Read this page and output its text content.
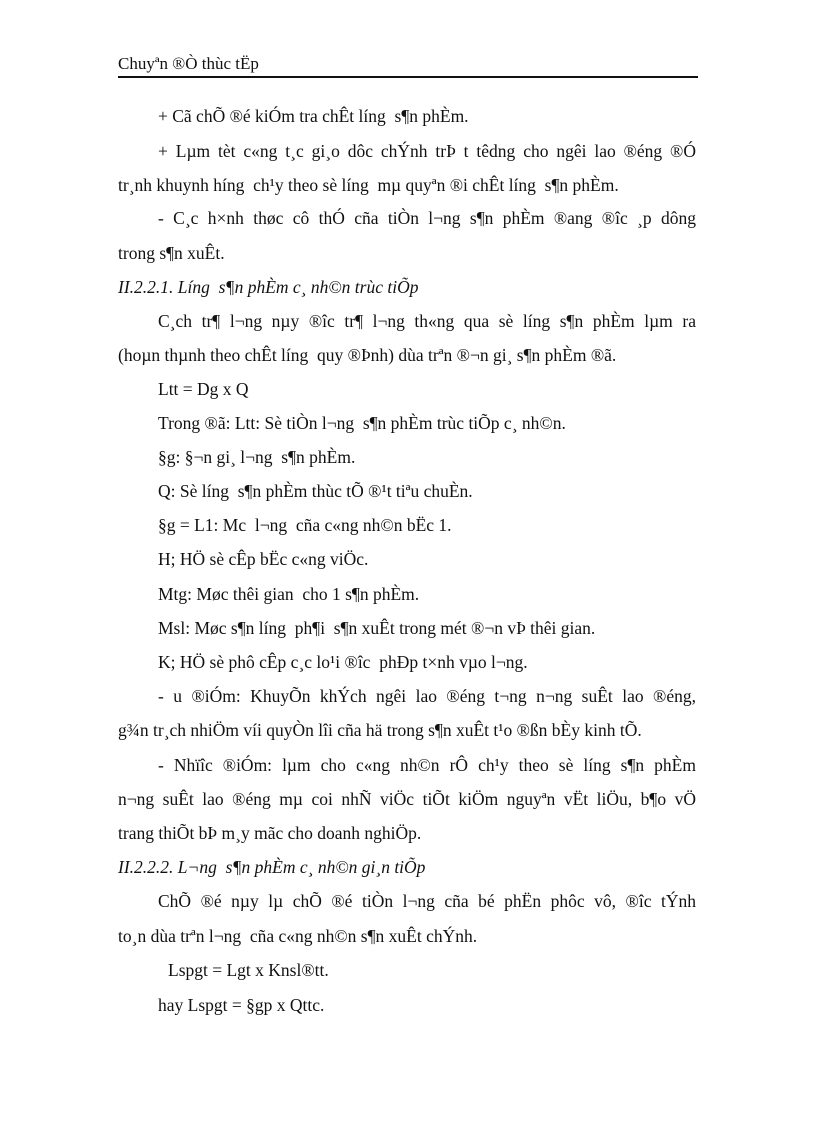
Chuyªn ®Ò thùc tËp
+ Cã chÕ ®é kiÓm tra chÊt líng  s¶n phÈm.
+ Lµm tèt c«ng t¸c gi¸o dôc chÝnh trÞ t têdng cho ngêi lao ®éng ®Ó
tr¸nh khuynh híng  ch¹y theo sè líng  mµ quyªn ®i chÊt líng  s¶n phÈm.
- C¸c h×nh thøc cô thÓ cña tiÒn l¬ng s¶n phÈm ®ang ®îc ¸p dông
trong s¶n xuÊt.
II.2.2.1. Líng  s¶n phÈm c¸ nh©n trùc tiÕp
C¸ch tr¶ l¬ng nµy ®îc tr¶ l¬ng th«ng qua sè líng s¶n phÈm lµm ra
(hoµn thµnh theo chÊt líng  quy ®Þnh) dùa trªn ®¬n gi¸ s¶n phÈm ®ã.
Ltt = Dg x Q
Trong ®ã: Ltt: Sè tiÒn l¬ng  s¶n phÈm trùc tiÕp c¸ nh©n.
§g: §¬n gi¸ l¬ng  s¶n phÈm.
Q: Sè líng  s¶n phÈm thùc tÕ ®¹t tiªu chuÈn.
§g = L1: Mc  l¬ng  cña c«ng nh©n bËc 1.
H; HÖ sè cÊp bËc c«ng viÖc.
Mtg: Møc thêi gian  cho 1 s¶n phÈm.
Msl: Møc s¶n líng  ph¶i  s¶n xuÊt trong mét ®¬n vÞ thêi gian.
K; HÖ sè phô cÊp c¸c lo¹i ®îc  phÐp t×nh vµo l¬ng.
- u ®iÓm: KhuyÕn khÝch ngêi lao ®éng t¬ng n¬ng suÊt lao ®éng,
g¾n tr¸ch nhiÖm víi quyÒn lîi cña hä trong s¶n xuÊt t¹o ®ßn bÈy kinh tÕ.
- Nhïîc ®iÓm: lµm cho c«ng nh©n rÔ ch¹y theo sè líng s¶n phÈm
n¬ng suÊt lao ®éng mµ coi nhÑ viÖc tiÕt kiÖm nguyªn vËt liÖu, b¶o vÖ
trang thiÕt bÞ m¸y mãc cho doanh nghiÖp.
II.2.2.2. L¬ng  s¶n phÈm c¸ nh©n gi¸n tiÕp
ChÕ ®é nµy lµ chÕ ®é tiÒn l¬ng cña bé phËn phôc vô, ®îc tÝnh
to¸n dùa trªn l¬ng  cña c«ng nh©n s¶n xuÊt chÝnh.
Lspgt = Lgt x Knsl®tt.
hay Lspgt = §gp x Qttc.
